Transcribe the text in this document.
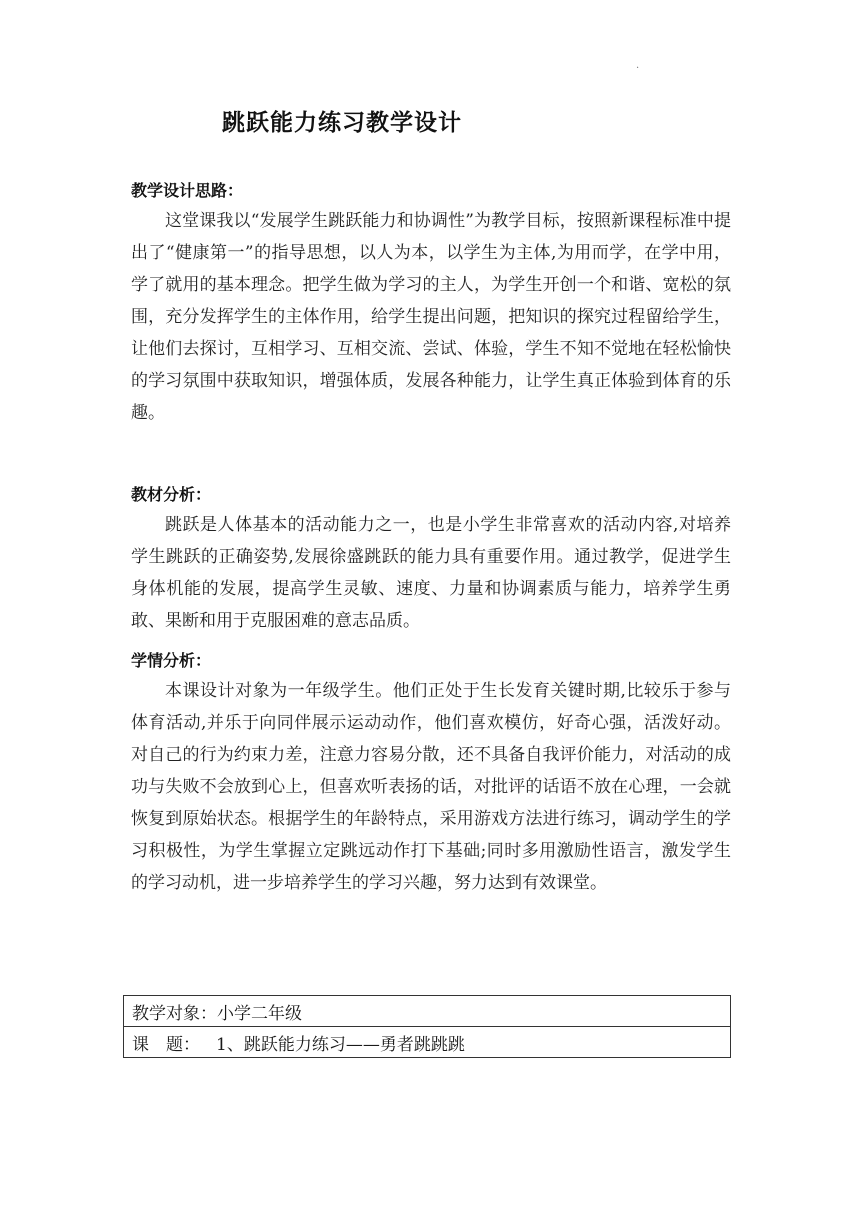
.
跳跃能力练习教学设计
教学设计思路：
这堂课我以“发展学生跳跃能力和协调性”为教学目标，按照新课程标准中提出了“健康第一”的指导思想，以人为本，以学生为主体,为用而学，在学中用，学了就用的基本理念。把学生做为学习的主人，为学生开创一个和谐、宽松的氛围，充分发挥学生的主体作用，给学生提出问题，把知识的探究过程留给学生，让他们去探讨，互相学习、互相交流、尝试、体验，学生不知不觉地在轻松愉快的学习氛围中获取知识，增强体质，发展各种能力，让学生真正体验到体育的乐趣。
教材分析：
跳跃是人体基本的活动能力之一，也是小学生非常喜欢的活动内容,对培养学生跳跃的正确姿势,发展徐盛跳跃的能力具有重要作用。通过教学，促进学生身体机能的发展，提高学生灵敏、速度、力量和协调素质与能力，培养学生勇敢、果断和用于克服困难的意志品质。
学情分析：
本课设计对象为一年级学生。他们正处于生长发育关键时期,比较乐于参与体育活动,并乐于向同伴展示运动动作，他们喜欢模仿，好奇心强，活泼好动。对自己的行为约束力差，注意力容易分散，还不具备自我评价能力，对活动的成功与失败不会放到心上，但喜欢听表扬的话，对批评的话语不放在心理，一会就恢复到原始状态。根据学生的年龄特点，采用游戏方法进行练习，调动学生的学习积极性，为学生掌握立定跳远动作打下基础;同时多用激励性语言，激发学生的学习动机，进一步培养学生的学习兴趣，努力达到有效课堂。
教学对象：小学二年级
课　题： 1、跳跃能力练习——勇者跳跳跳
